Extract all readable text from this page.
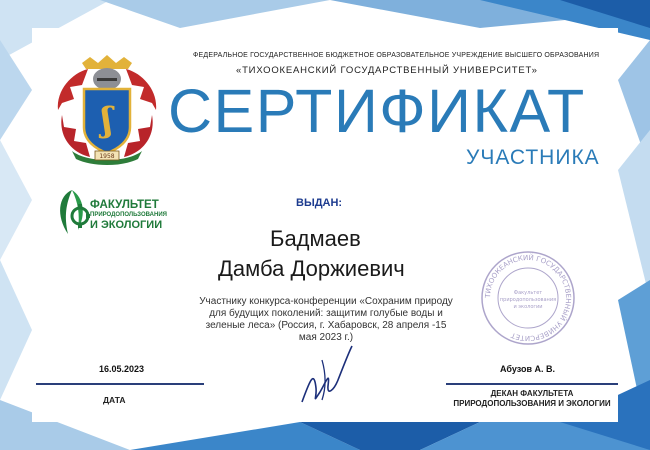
ʃ
1958
ФЕДЕРАЛЬНОЕ ГОСУДАРСТВЕННОЕ БЮДЖЕТНОЕ ОБРАЗОВАТЕЛЬНОЕ УЧРЕЖДЕНИЕ ВЫСШЕГО ОБРАЗОВАНИЯ
«ТИХООКЕАНСКИЙ ГОСУДАРСТВЕННЫЙ УНИВЕРСИТЕТ»
СЕРТИФИКАТ
УЧАСТНИКА
ФАКУЛЬТЕТ
ПРИРОДОПОЛЬЗОВАНИЯ
И ЭКОЛОГИИ
ВЫДАН:
Бадмаев
Дамба Доржиевич
Участнику конкурса-конференции «Сохраним природу для будущих поколений: защитим голубые воды и зеленые леса» (Россия, г. Хабаровск, 28 апреля -15 мая 2023 г.)
ТИХООКЕАНСКИЙ ГОСУДАРСТВЕННЫЙ УНИВЕРСИТЕТ
Факультет
природопользования
и экологии
16.05.2023
ДАТА
Абузов А. В.
ДЕКАН ФАКУЛЬТЕТА ПРИРОДОПОЛЬЗОВАНИЯ И ЭКОЛОГИИ
